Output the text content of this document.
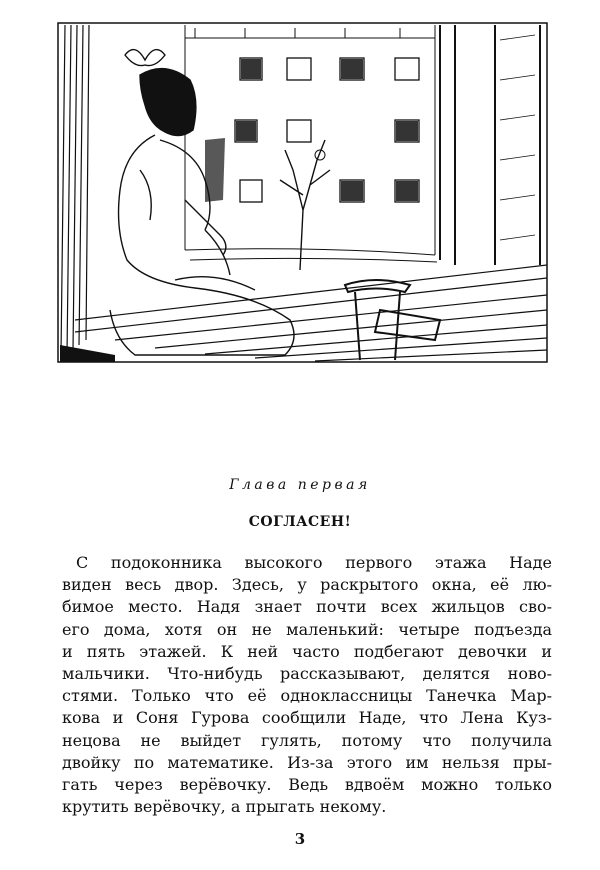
Глава первая
СОГЛАСЕН!
С подоконника высокого первого этажа Наде
виден весь двор. Здесь, у раскрытого окна, её лю-
бимое место. Надя знает почти всех жильцов сво-
его дома, хотя он не маленький: четыре подъезда
и пять этажей. К ней часто подбегают девочки и
мальчики. Что-нибудь рассказывают, делятся ново-
стями. Только что её одноклассницы Танечка Мар-
кова и Соня Гурова сообщили Наде, что Лена Куз-
нецова не выйдет гулять, потому что получила
двойку по математике. Из-за этого им нельзя пры-
гать через верёвочку. Ведь вдвоём можно только
крутить верёвочку, а прыгать некому.
3
